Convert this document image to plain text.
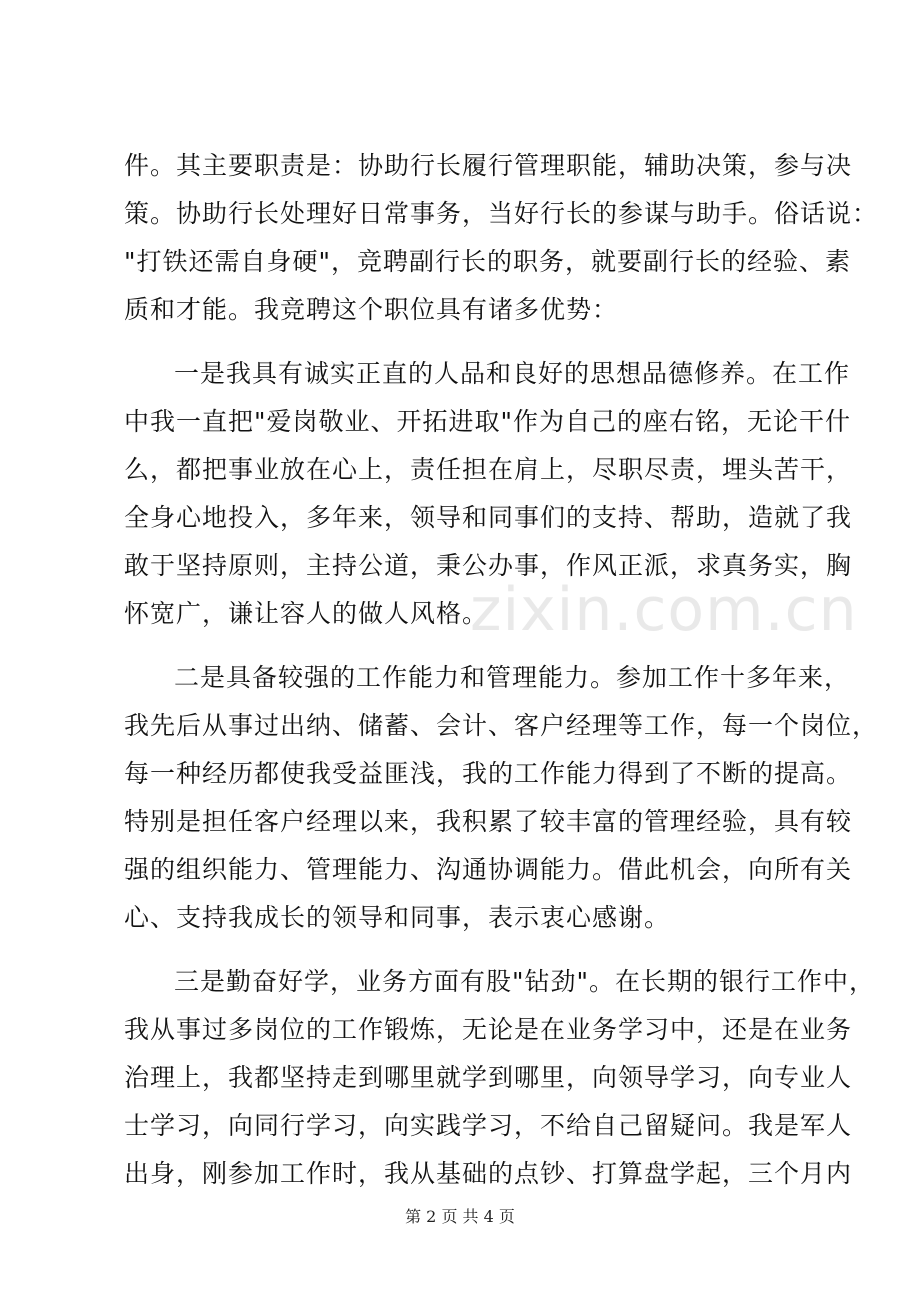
件。其主要职责是：协助行长履行管理职能，辅助决策，参与决
策。协助行长处理好日常事务，当好行长的参谋与助手。俗话说：
"打铁还需自身硬"，竞聘副行长的职务，就要副行长的经验、素
质和才能。我竞聘这个职位具有诸多优势：
一是我具有诚实正直的人品和良好的思想品德修养。在工作
中我一直把"爱岗敬业、开拓进取"作为自己的座右铭，无论干什
么，都把事业放在心上，责任担在肩上，尽职尽责，埋头苦干，
全身心地投入，多年来，领导和同事们的支持、帮助，造就了我
敢于坚持原则，主持公道，秉公办事，作风正派，求真务实，胸
怀宽广，谦让容人的做人风格。
二是具备较强的工作能力和管理能力。参加工作十多年来，
我先后从事过出纳、储蓄、会计、客户经理等工作，每一个岗位，
每一种经历都使我受益匪浅，我的工作能力得到了不断的提高。
特别是担任客户经理以来，我积累了较丰富的管理经验，具有较
强的组织能力、管理能力、沟通协调能力。借此机会，向所有关
心、支持我成长的领导和同事，表示衷心感谢。
三是勤奋好学，业务方面有股"钻劲"。在长期的银行工作中，
我从事过多岗位的工作锻炼，无论是在业务学习中，还是在业务
治理上，我都坚持走到哪里就学到哪里，向领导学习，向专业人
士学习，向同行学习，向实践学习，不给自己留疑问。我是军人
出身，刚参加工作时，我从基础的点钞、打算盘学起，三个月内
zixin.com.cn
第 2 页 共 4 页
